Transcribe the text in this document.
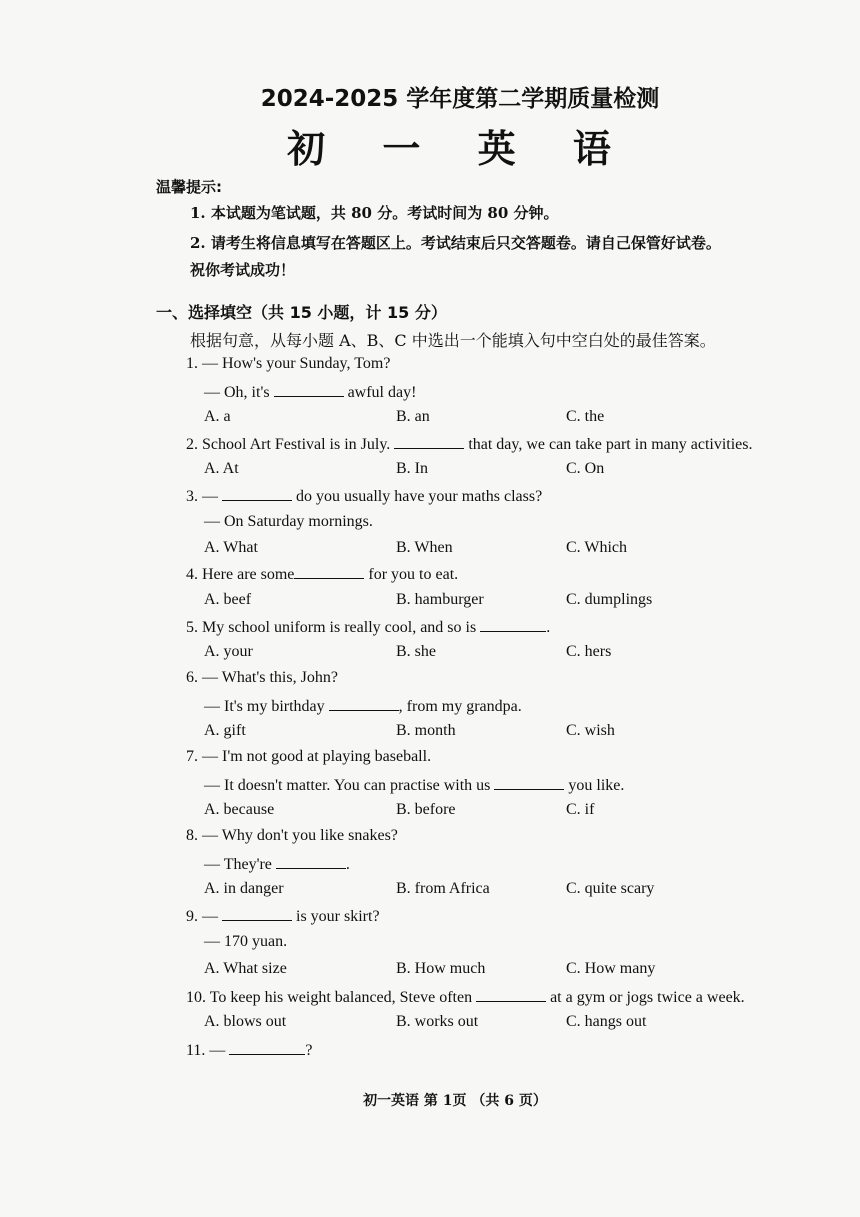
2024-2025 学年度第二学期质量检测
初 一 英 语
温馨提示:
1. 本试题为笔试题，共 80 分。考试时间为 80 分钟。
2. 请考生将信息填写在答题区上。考试结束后只交答题卷。请自己保管好试卷。
祝你考试成功！
一、选择填空（共 15 小题，计 15 分）
根据句意，从每小题 A、B、C 中选出一个能填入句中空白处的最佳答案。
1. — How's your Sunday, Tom?
— Oh, it's	awful day!
A. a	B. an	C. the
2. School Art Festival is in July.	that day, we can take part in many activities.
A. At	B. In	C. On
3. —	do you usually have your maths class?
— On Saturday mornings.
A. What	B. When	C. Which
4. Here are some	for you to eat.
A. beef	B. hamburger	C. dumplings
5. My school uniform is really cool, and so is	.
A. your	B. she	C. hers
6. — What's this, John?
— It's my birthday	, from my grandpa.
A. gift	B. month	C. wish
7. — I'm not good at playing baseball.
— It doesn't matter. You can practise with us	you like.
A. because	B. before	C. if
8. — Why don't you like snakes?
— They're	.
A. in danger	B. from Africa	C. quite scary
9. —	is your skirt?
— 170 yuan.
A. What size	B. How much	C. How many
10. To keep his weight balanced, Steve often	at a gym or jogs twice a week.
A. blows out	B. works out	C. hangs out
11. —	?
初一英语 第 1页 （共 6 页）
